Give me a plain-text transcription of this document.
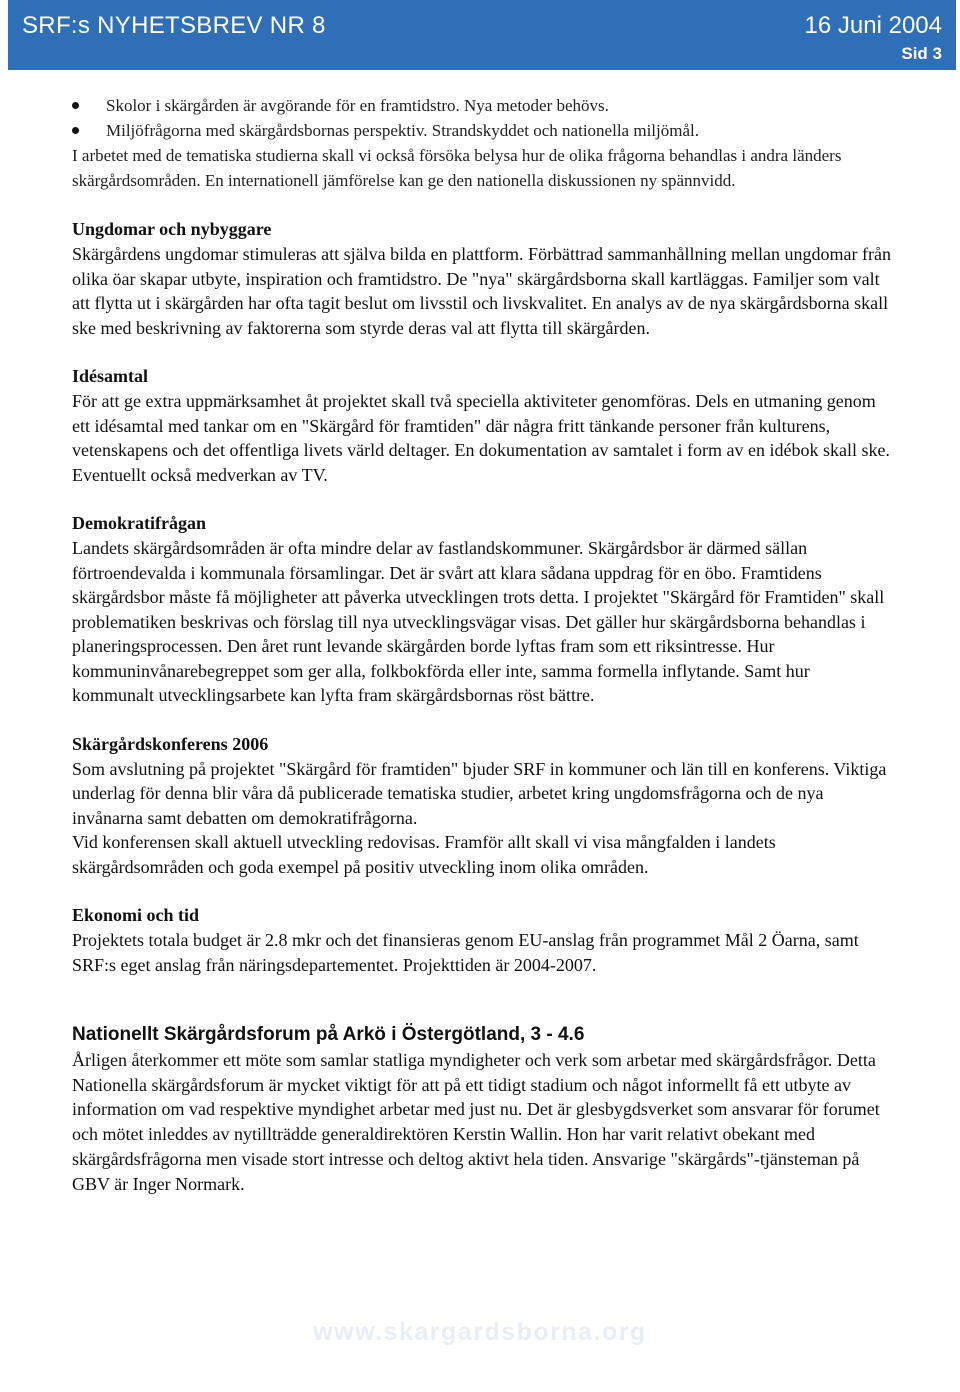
SRF:s NYHETSBREV NR 8	16 Juni 2004
Sid 3
Skolor i skärgården är avgörande för en framtidstro. Nya metoder behövs.
Miljöfrågorna med skärgårdsbornas perspektiv. Strandskyddet och nationella miljömål.

I arbetet med de tematiska studierna skall vi också försöka belysa hur de olika frågorna behandlas i andra länders skärgårdsområden. En internationell jämförelse kan ge den nationella diskussionen ny spännvidd.

Ungdomar och nybyggare

Skärgårdens ungdomar stimuleras att själva bilda en plattform. Förbättrad sammanhållning mellan ungdomar från olika öar skapar utbyte, inspiration och framtidstro. De "nya" skärgårdsborna skall kartläggas. Familjer som valt att flytta ut i skärgården har ofta tagit beslut om livsstil och livskvalitet. En analys av de nya skärgårdsborna skall ske med beskrivning av faktorerna som styrde deras val att flytta till skärgården.

Idésamtal

För att ge extra uppmärksamhet åt projektet skall två speciella aktiviteter genomföras. Dels en utmaning genom ett idésamtal med tankar om en "Skärgård för framtiden" där några fritt tänkande personer från kulturens, vetenskapens och det offentliga livets värld deltager. En dokumentation av samtalet i form av en idébok skall ske. Eventuellt också medverkan av TV.

Demokratifrågan

Landets skärgårdsområden är ofta mindre delar av fastlandskommuner. Skärgårdsbor är därmed sällan förtroendevalda i kommunala församlingar. Det är svårt att klara sådana uppdrag för en öbo. Framtidens skärgårdsbor måste få möjligheter att påverka utvecklingen trots detta. I projektet "Skärgård för Framtiden" skall problematiken beskrivas och förslag till nya utvecklingsvägar visas. Det gäller hur skärgårdsborna behandlas i planeringsprocessen. Den året runt levande skärgården borde lyftas fram som ett riksintresse. Hur kommuninvånarebegreppet som ger alla, folkbokförda eller inte, samma formella inflytande. Samt hur kommunalt utvecklingsarbete kan lyfta fram skärgårdsbornas röst bättre.

Skärgårdskonferens 2006

Som avslutning på projektet "Skärgård för framtiden" bjuder SRF in kommuner och län till en konferens. Viktiga underlag för denna blir våra då publicerade tematiska studier, arbetet kring ungdomsfrågorna och de nya invånarna samt debatten om demokratifrågorna.

Vid konferensen skall aktuell utveckling redovisas. Framför allt skall vi visa mångfalden i landets skärgårdsområden och goda exempel på positiv utveckling inom olika områden.

Ekonomi och tid

Projektets totala budget är 2.8 mkr och det finansieras genom EU-anslag från programmet Mål 2 Öarna, samt SRF:s eget anslag från näringsdepartementet. Projekttiden är 2004-2007.

Nationellt Skärgårdsforum på Arkö i Östergötland, 3 - 4.6

Årligen återkommer ett möte som samlar statliga myndigheter och verk som arbetar med skärgårdsfrågor. Detta Nationella skärgårdsforum är mycket viktigt för att på ett tidigt stadium och något informellt få ett utbyte av information om vad respektive myndighet arbetar med just nu. Det är glesbygdsverket som ansvarar för forumet och mötet inleddes av nytillträdde generaldirektören Kerstin Wallin. Hon har varit relativt obekant med skärgårdsfrågorna men visade stort intresse och deltog aktivt hela tiden. Ansvarige "skärgårds"-tjänsteman på GBV är Inger Normark.

www.skargardsborna.org
